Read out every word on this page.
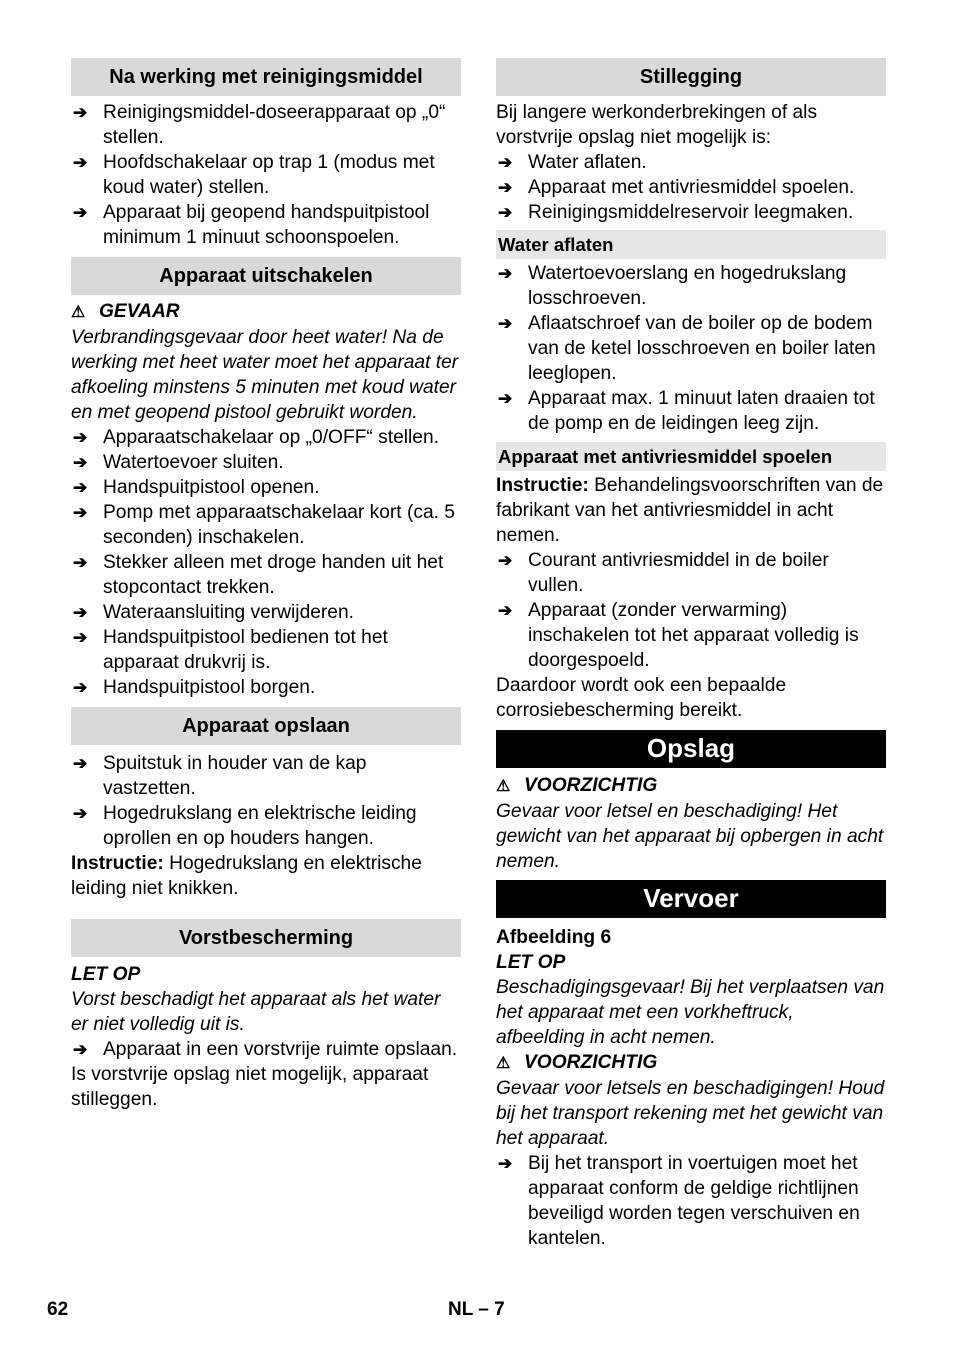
Na werking met reinigingsmiddel
➔ Reinigingsmiddel-doseerapparaat op „0“ stellen.
➔ Hoofdschakelaar op trap 1 (modus met koud water) stellen.
➔ Apparaat bij geopend handspuitpistool minimum 1 minuut schoonspoelen.
Apparaat uitschakelen

⚠ GEVAAR

Verbrandingsgevaar door heet water! Na de werking met heet water moet het apparaat ter afkoeling minstens 5 minuten met koud water en met geopend pistool gebruikt worden.

➔ Apparaatschakelaar op „0/OFF“ stellen.
➔ Watertoevoer sluiten.
➔ Handspuitpistool openen.
➔ Pomp met apparaatschakelaar kort (ca. 5 seconden) inschakelen.
➔ Stekker alleen met droge handen uit het stopcontact trekken.
➔ Wateraansluiting verwijderen.
➔ Handspuitpistool bedienen tot het apparaat drukvrij is.
➔ Handspuitpistool borgen.
Apparaat opslaan
➔ Spuitstuk in houder van de kap vastzetten.
➔ Hogedrukslang en elektrische leiding oprollen en op houders hangen.

Instructie: Hogedrukslang en elektrische leiding niet knikken.

Vorstbescherming

LET OP

Vorst beschadigt het apparaat als het water er niet volledig uit is.

➔ Apparaat in een vorstvrije ruimte opslaan.

Is vorstvrije opslag niet mogelijk, apparaat stilleggen.

Stillegging

Bij langere werkonderbrekingen of als vorstvrije opslag niet mogelijk is:

➔ Water aflaten.
➔ Apparaat met antivriesmiddel spoelen.
➔ Reinigingsmiddelreservoir leegmaken.
Water aflaten
➔ Watertoevoerslang en hogedrukslang losschroeven.
➔ Aflaatschroef van de boiler op de bodem van de ketel losschroeven en boiler laten leeglopen.
➔ Apparaat max. 1 minuut laten draaien tot de pomp en de leidingen leeg zijn.
Apparaat met antivriesmiddel spoelen

Instructie: Behandelingsvoorschriften van de fabrikant van het antivriesmiddel in acht nemen.

➔ Courant antivriesmiddel in de boiler vullen.
➔ Apparaat (zonder verwarming) inschakelen tot het apparaat volledig is doorgespoeld.

Daardoor wordt ook een bepaalde corrosiebescherming bereikt.

Opslag

⚠ VOORZICHTIG

Gevaar voor letsel en beschadiging! Het gewicht van het apparaat bij opbergen in acht nemen.

Vervoer

Afbeelding 6

LET OP

Beschadigingsgevaar! Bij het verplaatsen van het apparaat met een vorkheftruck, afbeelding in acht nemen.

⚠ VOORZICHTIG

Gevaar voor letsels en beschadigingen! Houd bij het transport rekening met het gewicht van het apparaat.

➔ Bij het transport in voertuigen moet het apparaat conform de geldige richtlijnen beveiligd worden tegen verschuiven en kantelen.
62	NL – 7
